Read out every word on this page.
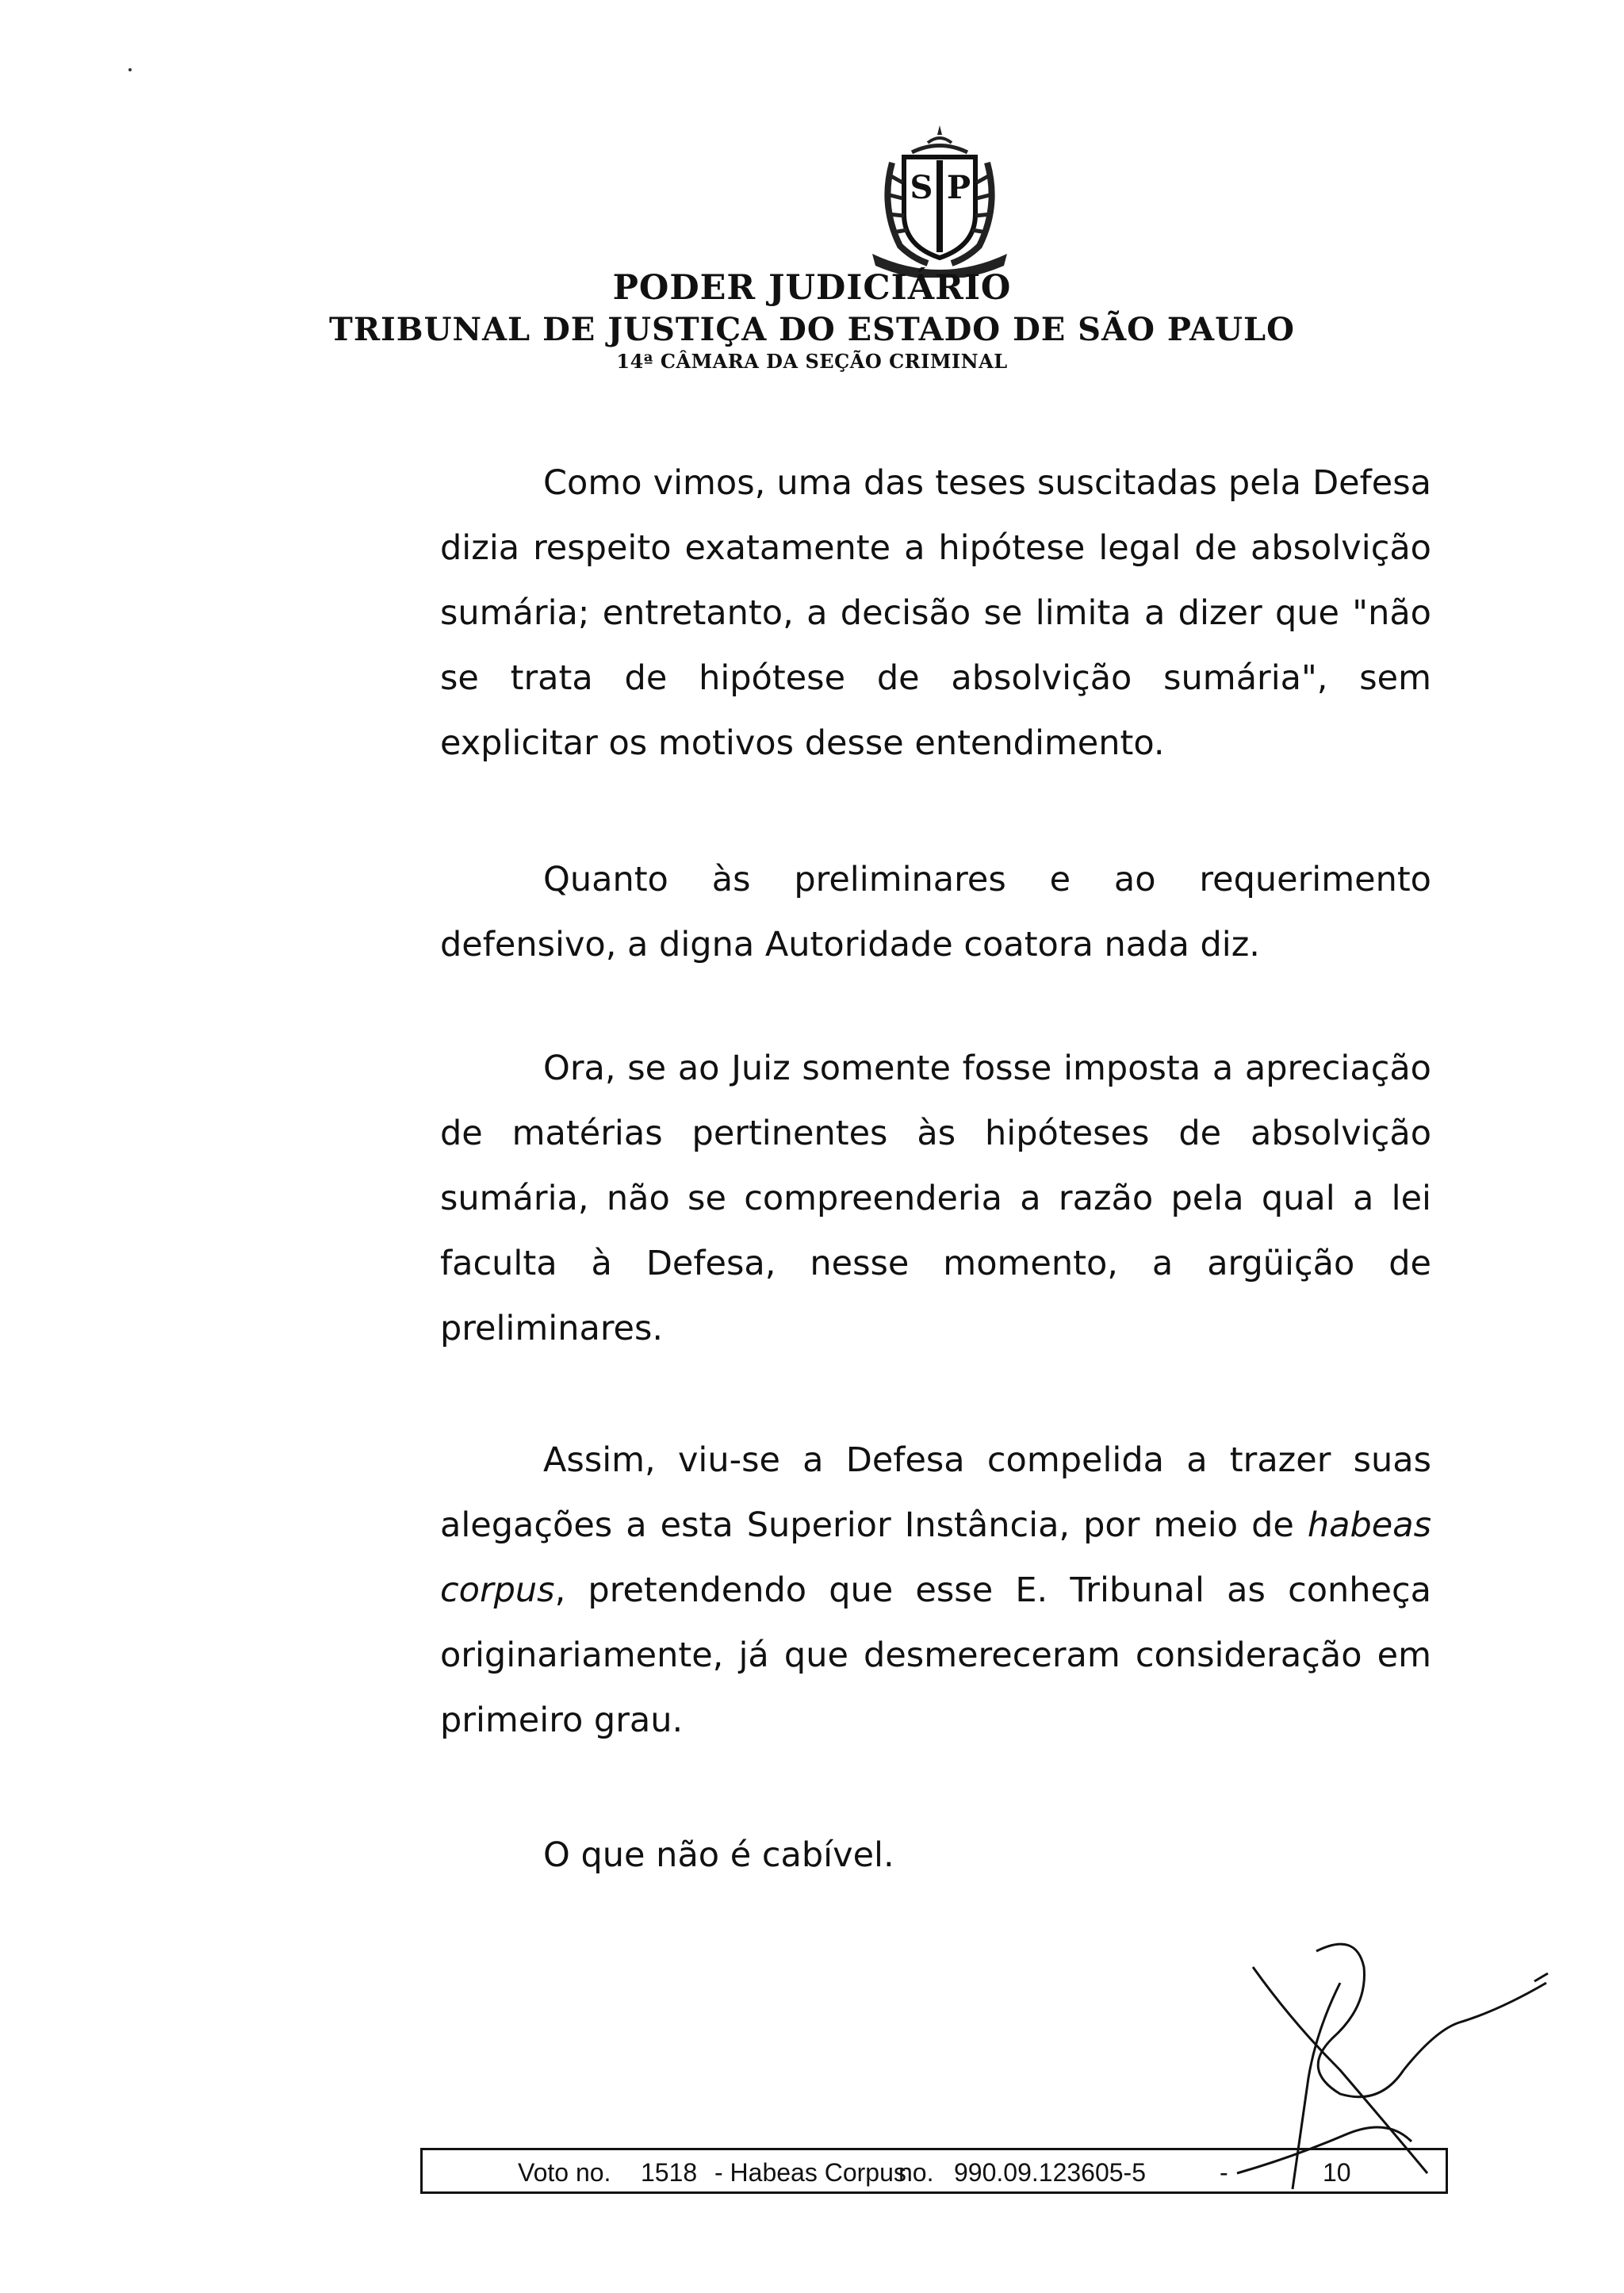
S P
PODER JUDICIÁRIO
TRIBUNAL DE JUSTIÇA DO ESTADO DE SÃO PAULO
14ª CÂMARA DA SEÇÃO CRIMINAL

Como vimos, uma das teses suscitadas pela Defesa dizia respeito exatamente a hipótese legal de absolvição sumária; entretanto, a decisão se limita a dizer que "não se trata de hipótese de absolvição sumária", sem explicitar os motivos desse entendimento.

Quanto às preliminares e ao requerimento defensivo, a digna Autoridade coatora nada diz.

Ora, se ao Juiz somente fosse imposta a apreciação de matérias pertinentes às hipóteses de absolvição sumária, não se compreenderia a razão pela qual a lei faculta à Defesa, nesse momento, a argüição de preliminares.

Assim, viu-se a Defesa compelida a trazer suas alegações a esta Superior Instância, por meio de habeas corpus, pretendendo que esse E. Tribunal as conheça originariamente, já que desmereceram consideração em primeiro grau.

O que não é cabível.

Voto no. 1518 - Habeas Corpus
no. 990.09.123605-5	-	10
